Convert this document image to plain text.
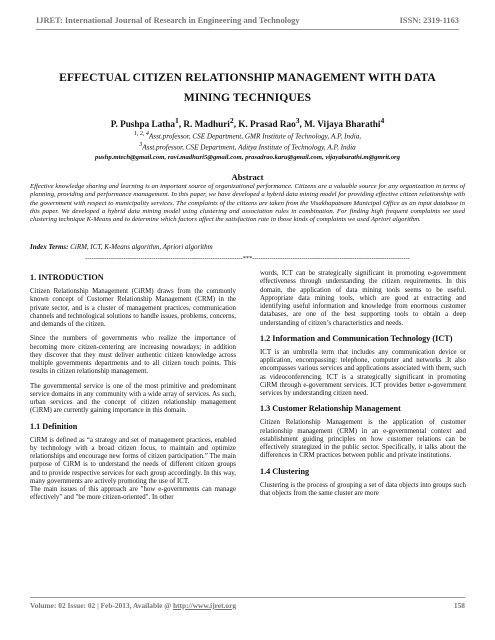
IJRET: International Journal of Research in Engineering and Technology	ISSN: 2319-1163
EFFECTUAL CITIZEN RELATIONSHIP MANAGEMENT WITH DATA
MINING TECHNIQUES
P. Pushpa Latha$^1$, R. Madhuri$^2$, K. Prasad Rao$^3$, M. Vijaya Bharathi$^4$
$^{1, 2, 4}$Asst.professor, CSE Department, GMR Institute of Technology, A.P, India,
$^3$Asst.professor, CSE Department, Aditya Institute of Technology, A.P, India
pushp.mtech@gmail.com, ravi.madhuri5@gmail.com, prasadrao.karu@gmail.com, vijayabarathi.m@gmrit.org
Abstract

Effective knowledge sharing and learning is an important source of organizational performance. Citizens are a valuable source for any organization in terms of planning, providing and performance management. In this paper, we have developed a hybrid data mining model for providing effective citizen relationship with the government with respect to municipality services. The complaints of the citizens are taken from the Visakhapatnam Municipal Office as an input database in this paper. We developed a hybrid data mining model using clustering and association rules in combination. For finding high frequent complaints we used clustering technique K-Means and to determine which factors affect the satisfaction rate in those kinds of complaints we used Apriori algorithm.

Index Terms: CiRM, ICT, K-Means algorithm, Apriori algorithm
--------------------------------------------------------------------------***--------------------------------------------------------------------------
1. INTRODUCTION

Citizen Relationship Management (CiRM) draws from the commonly known concept of Customer Relationship Management (CRM) in the private sector, and is a cluster of management practices, communication channels and technological solutions to handle issues, problems, concerns, and demands of the citizen.

Since the numbers of governments who realize the importance of becoming more citizen-centering are increasing nowadays; in addition they discover that they must deliver authentic citizen knowledge across multiple governments departments and to all citizen touch points. This results in citizen relationship management.

The governmental service is one of the most primitive and predominant service domains in any community with a wide array of services. As such, urban services and the concept of citizen relationship management (CiRM) are currently gaining importance in this domain.

1.1 Definition

CiRM is defined as “a strategy and set of management practices, enabled by technology with a broad citizen focus, to maintain and optimize relationships and encourage new forms of citizen participation.” The main purpose of CiRM is to understand the needs of different citizen groups and to provide respective services for each group accordingly. In this way, many governments are actively promoting the use of ICT.

The main issues of this approach are "how e-governments can manage effectively" and "be more citizen-oriented". In other

words, ICT can be strategically significant in promoting e-government effectiveness through understanding the citizen requirements. In this domain, the application of data mining tools seems to be useful. Appropriate data mining tools, which are good at extracting and identifying useful information and knowledge from enormous customer databases, are one of the best supporting tools to obtain a deep understanding of citizen’s characteristics and needs.

1.2 Information and Communication Technology (ICT)

ICT is an umbrella term that includes any communication device or application, encompassing: telephone, computer and networks .It also encompasses various services and applications associated with them, such as videoconferencing. ICT is a strategically significant in promoting CiRM through e-government services. ICT provides better e-government services by understanding citizen need.

1.3 Customer Relationship Management

Citizen Relationship Management is the application of customer relationship management (CRM) in an e-governmental context and establishment guiding principles on how customer relations can be effectively strategized in the public sector. Specifically, it talks about the differences in CRM practices between public and private institutions.

1.4 Clustering

Clustering is the process of grouping a set of data objects into groups such that objects from the same cluster are more

Volume: 02 Issue: 02 | Feb-2013, Available @ http://www.ijret.org	158
